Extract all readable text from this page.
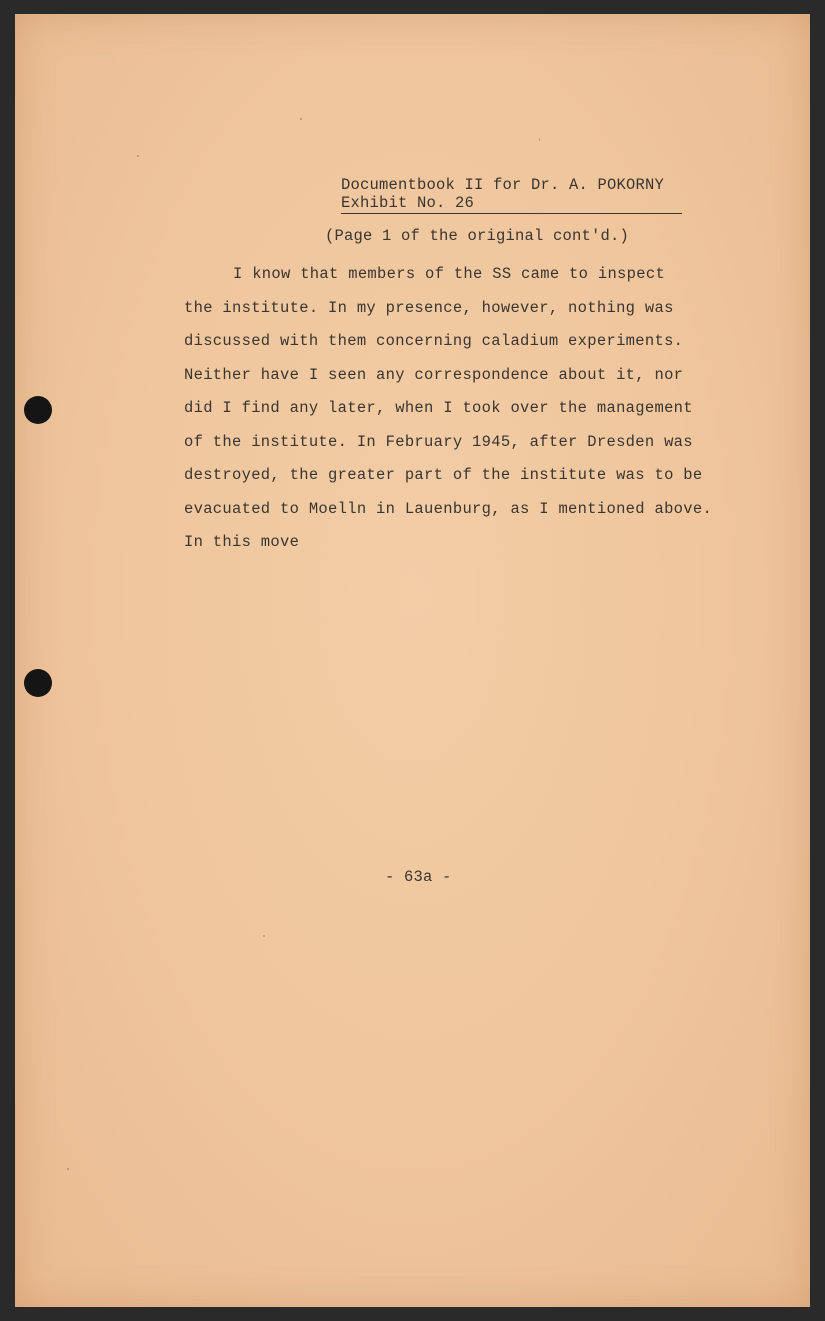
Documentbook II for Dr. A. POKORNY
Exhibit No. 26
(Page 1 of the original cont'd.)
I know that members of the SS came to inspect
the institute. In my presence, however, nothing was
discussed with them concerning caladium experiments.
Neither have I seen any correspondence about it, nor
did I find any later, when I took over the management
of the institute. In February 1945, after Dresden was
destroyed, the greater part of the institute was to be
evacuated to Moelln in Lauenburg, as I mentioned above.
In this move
- 63a -
